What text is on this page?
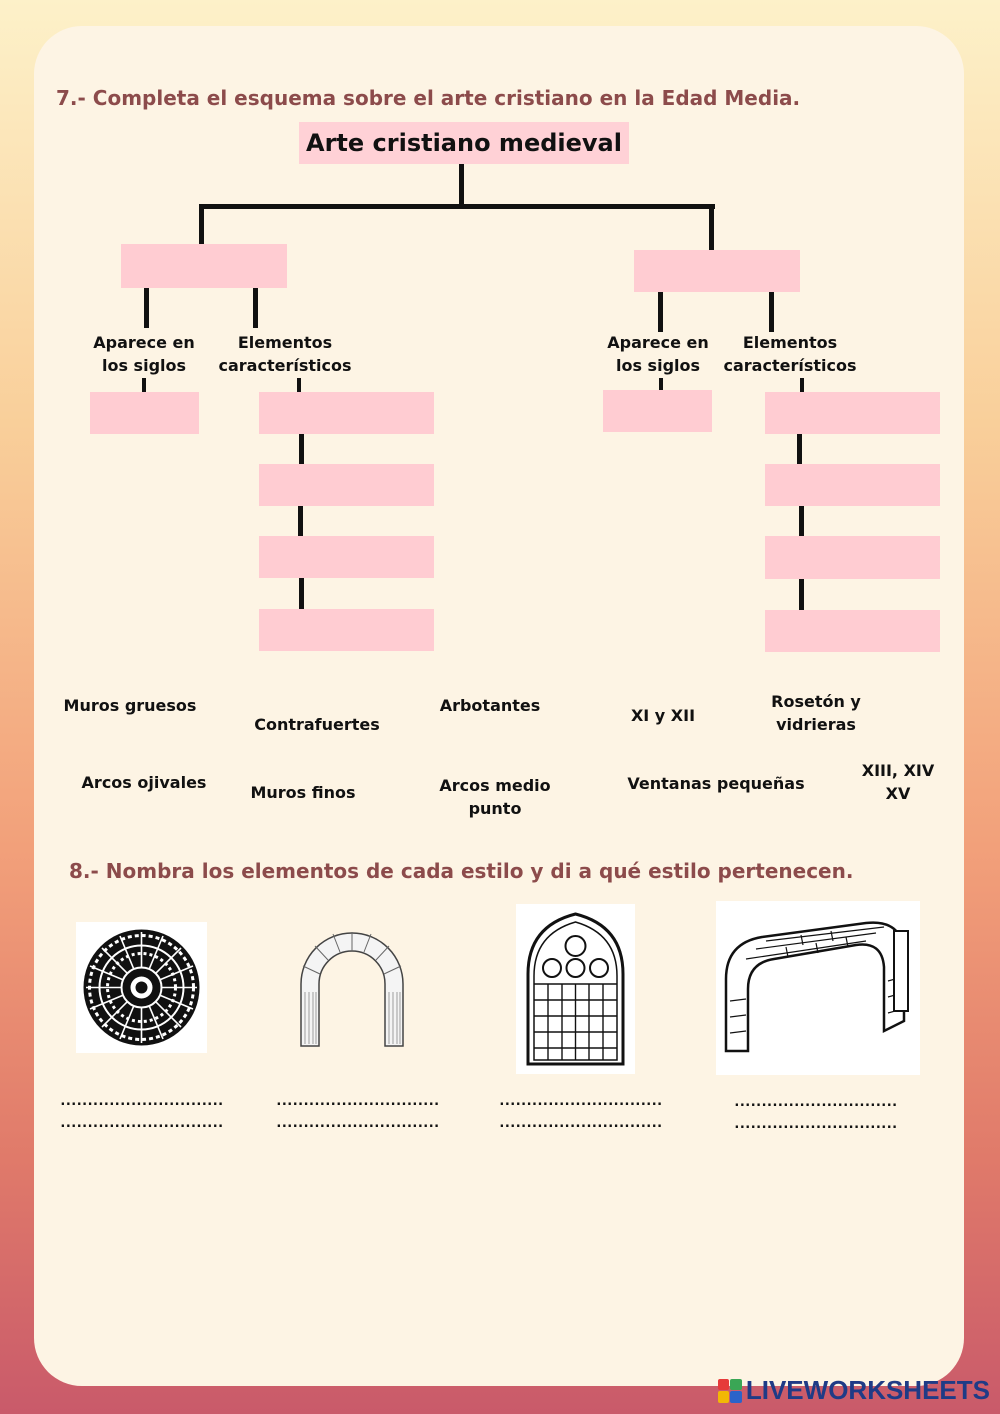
7.- Completa el esquema sobre el arte cristiano en la Edad Media.
Arte cristiano medieval
Aparece en los siglos
Elementos característicos
Aparece en los siglos
Elementos característicos
Muros gruesos
Contrafuertes
Arbotantes
XI y XII
Rosetón y vidrieras
Arcos ojivales
Muros finos	Arcos medio punto
Ventanas pequeñas
XIII, XIV XV
8.- Nombra los elementos de cada estilo y di a qué estilo pertenecen.
..............................
..............................
..............................
..............................
..............................
..............................
..............................
..............................
LIVEWORKSHEETS
